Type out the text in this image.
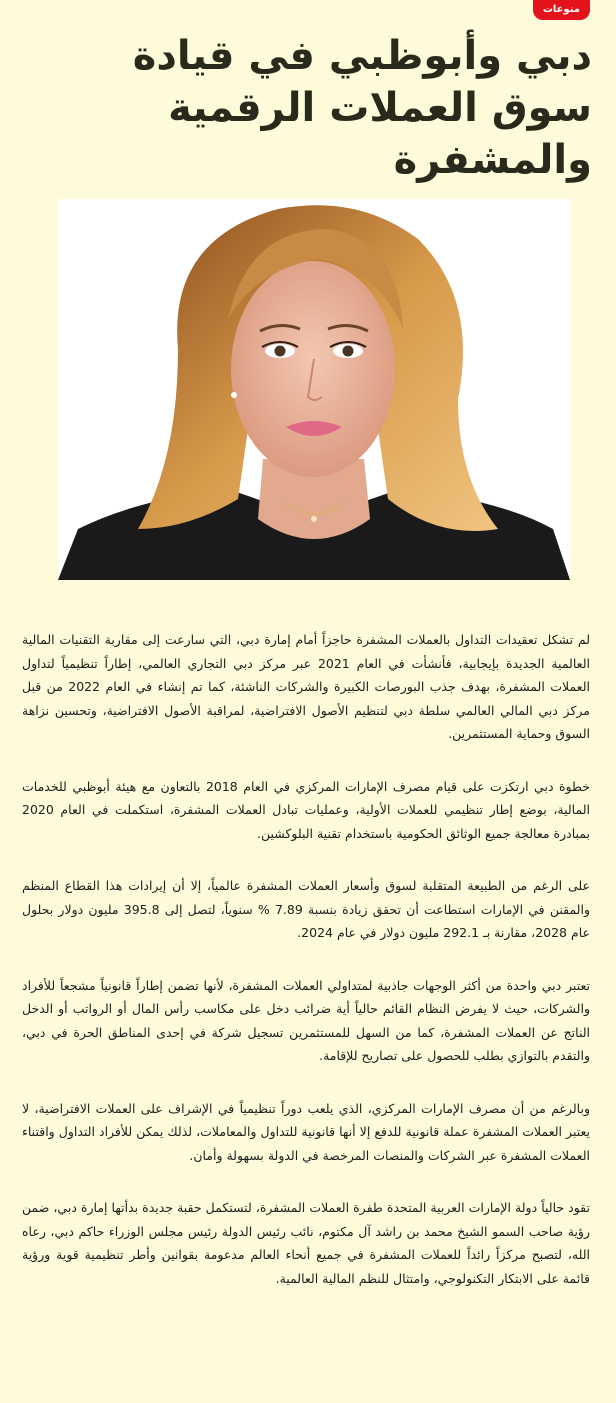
منوعات
دبي وأبوظبي في قيادة سوق العملات الرقمية والمشفرة

لم تشكل تعقيدات التداول بالعملات المشفرة حاجزاً أمام إمارة دبي، التي سارعت إلى مقاربة التقنيات المالية العالمية الجديدة بإيجابية، فأنشأت في العام 2021 عبر مركز دبي التجاري العالمي، إطاراً تنظيمياً لتداول العملات المشفرة، بهدف جذب البورصات الكبيرة والشركات الناشئة، كما تم إنشاء في العام 2022 من قبل مركز دبي المالي العالمي سلطة دبي لتنظيم الأصول الافتراضية، لمراقبة الأصول الافتراضية، وتحسين نزاهة السوق وحماية المستثمرين.

خطوة دبي ارتكزت على قيام مصرف الإمارات المركزي في العام 2018 بالتعاون مع هيئة أبوظبي للخدمات المالية، بوضع إطار تنظيمي للعملات الأولية، وعمليات تبادل العملات المشفرة، استكملت في العام 2020 بمبادرة معالجة جميع الوثائق الحكومية باستخدام تقنية البلوكشين.

على الرغم من الطبيعة المتقلبة لسوق وأسعار العملات المشفرة عالمياً، إلا أن إيرادات هذا القطاع المنظم والمقنن في الإمارات استطاعت أن تحقق زيادة بنسبة 7.89 % سنوياً، لتصل إلى 395.8 مليون دولار بحلول عام 2028، مقارنة بـ 292.1 مليون دولار في عام 2024.

تعتبر دبي واحدة من أكثر الوجهات جاذبية لمتداولي العملات المشفرة، لأنها تضمن إطاراً قانونياً مشجعاً للأفراد والشركات، حيث لا يفرض النظام القائم حالياً أية ضرائب دخل على مكاسب رأس المال أو الرواتب أو الدخل الناتج عن العملات المشفرة، كما من السهل للمستثمرين تسجيل شركة في إحدى المناطق الحرة في دبي، والتقدم بالتوازي بطلب للحصول على تصاريح للإقامة.

وبالرغم من أن مصرف الإمارات المركزي، الذي يلعب دوراً تنظيمياً في الإشراف على العملات الافتراضية، لا يعتبر العملات المشفرة عملة قانونية للدفع إلا أنها قانونية للتداول والمعاملات، لذلك يمكن للأفراد التداول واقتناء العملات المشفرة عبر الشركات والمنصات المرخصة في الدولة بسهولة وأمان.

تقود حالياً دولة الإمارات العربية المتحدة طفرة العملات المشفرة، لتستكمل حقبة جديدة بدأتها إمارة دبي، ضمن رؤية صاحب السمو الشيخ محمد بن راشد آل مكتوم، نائب رئيس الدولة رئيس مجلس الوزراء حاكم دبي، رعاه الله، لتصبح مركزاً رائداً للعملات المشفرة في جميع أنحاء العالم مدعومة بقوانين وأطر تنظيمية قوية ورؤية قائمة على الابتكار التكنولوجي، وامتثال للنظم المالية العالمية.
